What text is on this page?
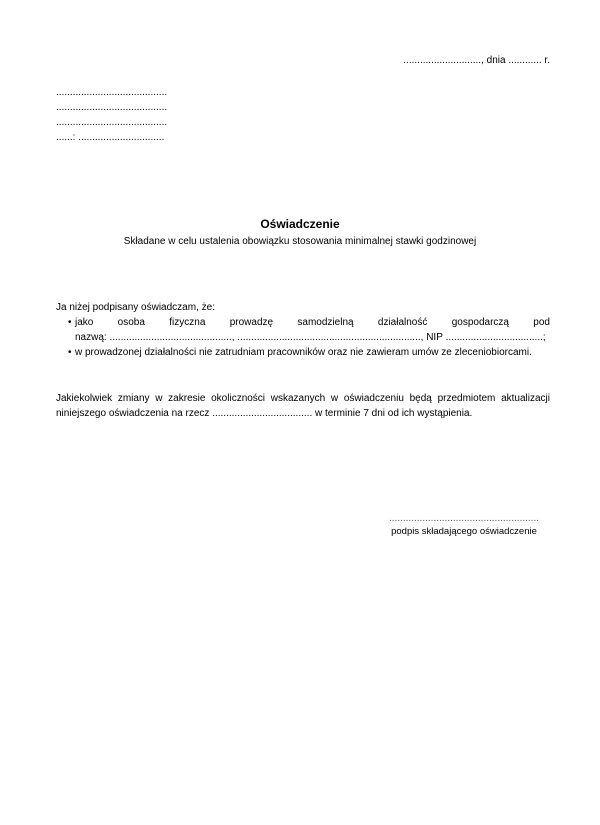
............................, dnia ............ r.
........................................
........................................
........................................
......: ...............................
Oświadczenie
Składane w celu ustalenia obowiązku stosowania minimalnej stawki godzinowej
Ja niżej podpisany oświadczam, że:
• jako osoba fizyczna prowadzę samodzielną działalność gospodarczą pod nazwą: ............................................, .................................................................., NIP ...................................;
• w prowadzonej działalności nie zatrudniam pracowników oraz nie zawieram umów ze zleceniobiorcami.
Jakiekolwiek zmiany w zakresie okoliczności wskazanych w oświadczeniu będą przedmiotem aktualizacji niniejszego oświadczenia na rzecz .................................... w terminie 7 dni od ich wystąpienia.
......................................................
podpis składającego oświadczenie
